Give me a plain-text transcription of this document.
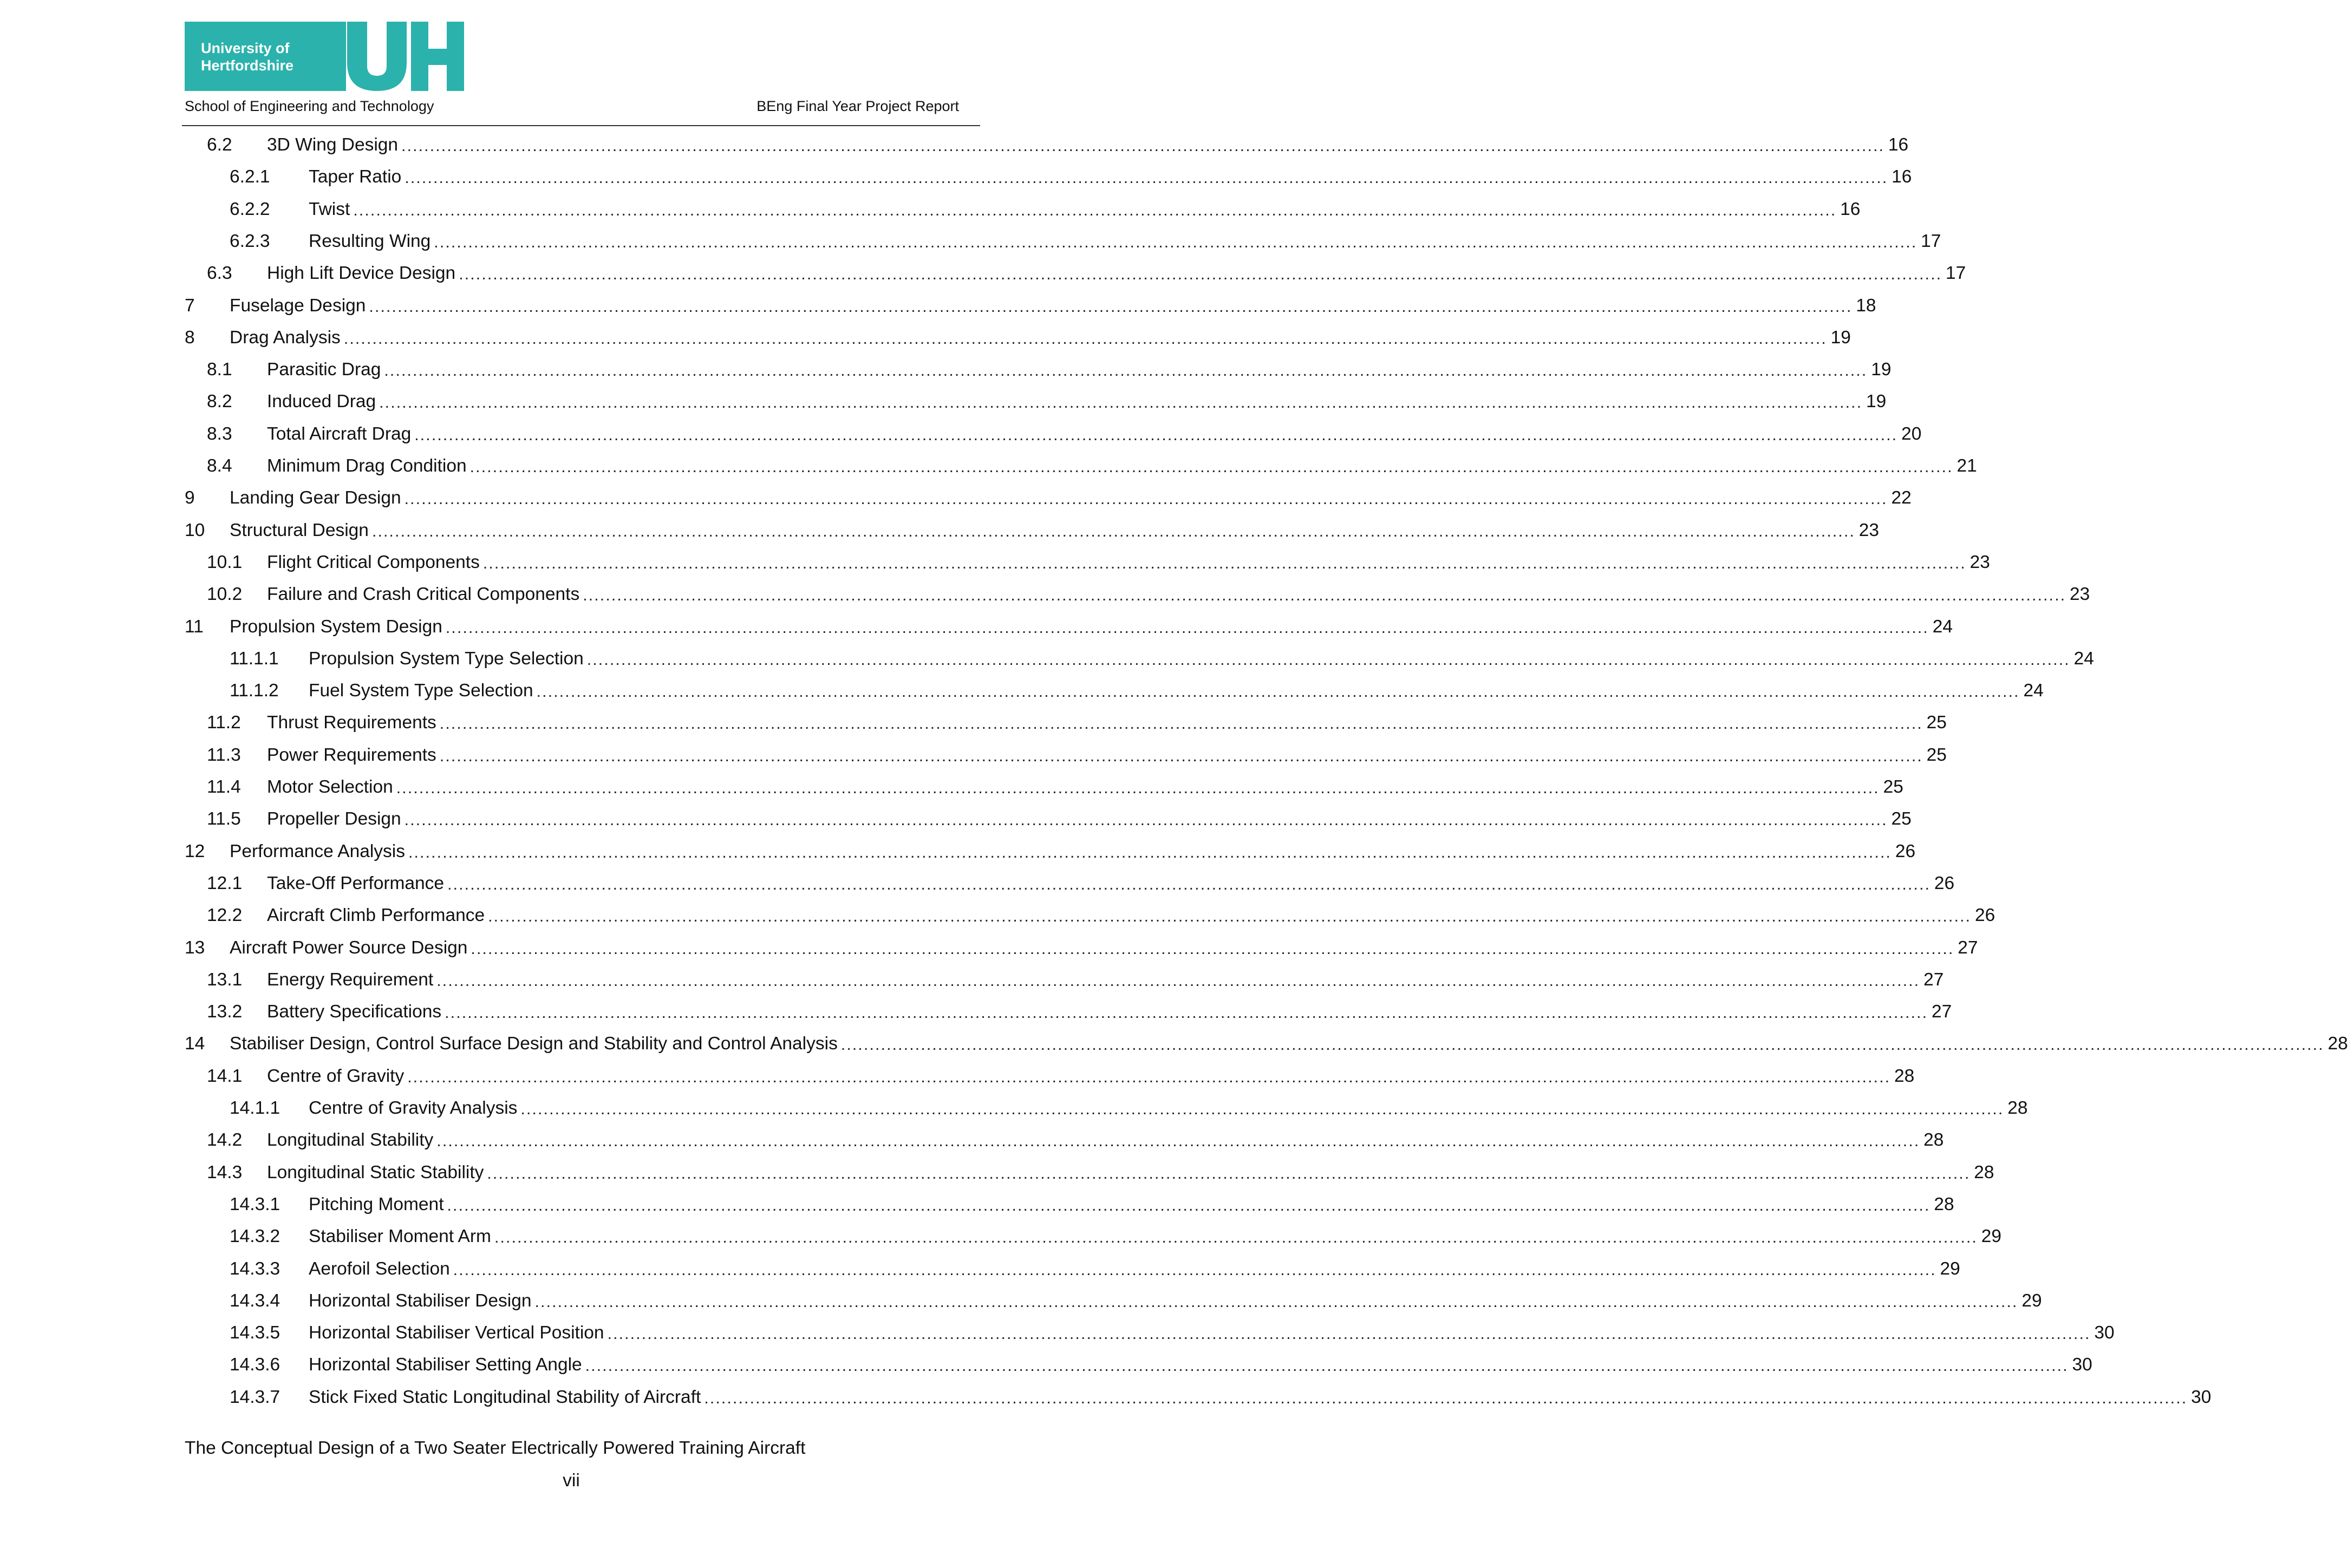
University of
Hertfordshire
School of Engineering and Technology	BEng Final Year Project Report
6.2	3D Wing Design .................................................................................................................................................................................................................................................................... 16
6.2.1	Taper Ratio .................................................................................................................................................................................................................................................................... 16
6.2.2	Twist .................................................................................................................................................................................................................................................................... 16
6.2.3	Resulting Wing .................................................................................................................................................................................................................................................................... 17
6.3	High Lift Device Design .................................................................................................................................................................................................................................................................... 17
7	Fuselage Design .................................................................................................................................................................................................................................................................... 18
8	Drag Analysis .................................................................................................................................................................................................................................................................... 19
8.1	Parasitic Drag .................................................................................................................................................................................................................................................................... 19
8.2	Induced Drag .................................................................................................................................................................................................................................................................... 19
8.3	Total Aircraft Drag .................................................................................................................................................................................................................................................................... 20
8.4	Minimum Drag Condition .................................................................................................................................................................................................................................................................... 21
9	Landing Gear Design .................................................................................................................................................................................................................................................................... 22
10	Structural Design .................................................................................................................................................................................................................................................................... 23
10.1	Flight Critical Components .................................................................................................................................................................................................................................................................... 23
10.2	Failure and Crash Critical Components .................................................................................................................................................................................................................................................................... 23
11	Propulsion System Design .................................................................................................................................................................................................................................................................... 24
11.1.1	Propulsion System Type Selection .................................................................................................................................................................................................................................................................... 24
11.1.2	Fuel System Type Selection .................................................................................................................................................................................................................................................................... 24
11.2	Thrust Requirements .................................................................................................................................................................................................................................................................... 25
11.3	Power Requirements .................................................................................................................................................................................................................................................................... 25
11.4	Motor Selection .................................................................................................................................................................................................................................................................... 25
11.5	Propeller Design .................................................................................................................................................................................................................................................................... 25
12	Performance Analysis .................................................................................................................................................................................................................................................................... 26
12.1	Take-Off Performance .................................................................................................................................................................................................................................................................... 26
12.2	Aircraft Climb Performance .................................................................................................................................................................................................................................................................... 26
13	Aircraft Power Source Design .................................................................................................................................................................................................................................................................... 27
13.1	Energy Requirement .................................................................................................................................................................................................................................................................... 27
13.2	Battery Specifications .................................................................................................................................................................................................................................................................... 27
14	Stabiliser Design, Control Surface Design and Stability and Control Analysis .................................................................................................................................................................................................................................................................... 28
14.1	Centre of Gravity .................................................................................................................................................................................................................................................................... 28
14.1.1	Centre of Gravity Analysis .................................................................................................................................................................................................................................................................... 28
14.2	Longitudinal Stability .................................................................................................................................................................................................................................................................... 28
14.3	Longitudinal Static Stability .................................................................................................................................................................................................................................................................... 28
14.3.1	Pitching Moment .................................................................................................................................................................................................................................................................... 28
14.3.2	Stabiliser Moment Arm .................................................................................................................................................................................................................................................................... 29
14.3.3	Aerofoil Selection .................................................................................................................................................................................................................................................................... 29
14.3.4	Horizontal Stabiliser Design .................................................................................................................................................................................................................................................................... 29
14.3.5	Horizontal Stabiliser Vertical Position .................................................................................................................................................................................................................................................................... 30
14.3.6	Horizontal Stabiliser Setting Angle .................................................................................................................................................................................................................................................................... 30
14.3.7	Stick Fixed Static Longitudinal Stability of Aircraft .................................................................................................................................................................................................................................................................... 30
The Conceptual Design of a Two Seater Electrically Powered Training Aircraft
vii
